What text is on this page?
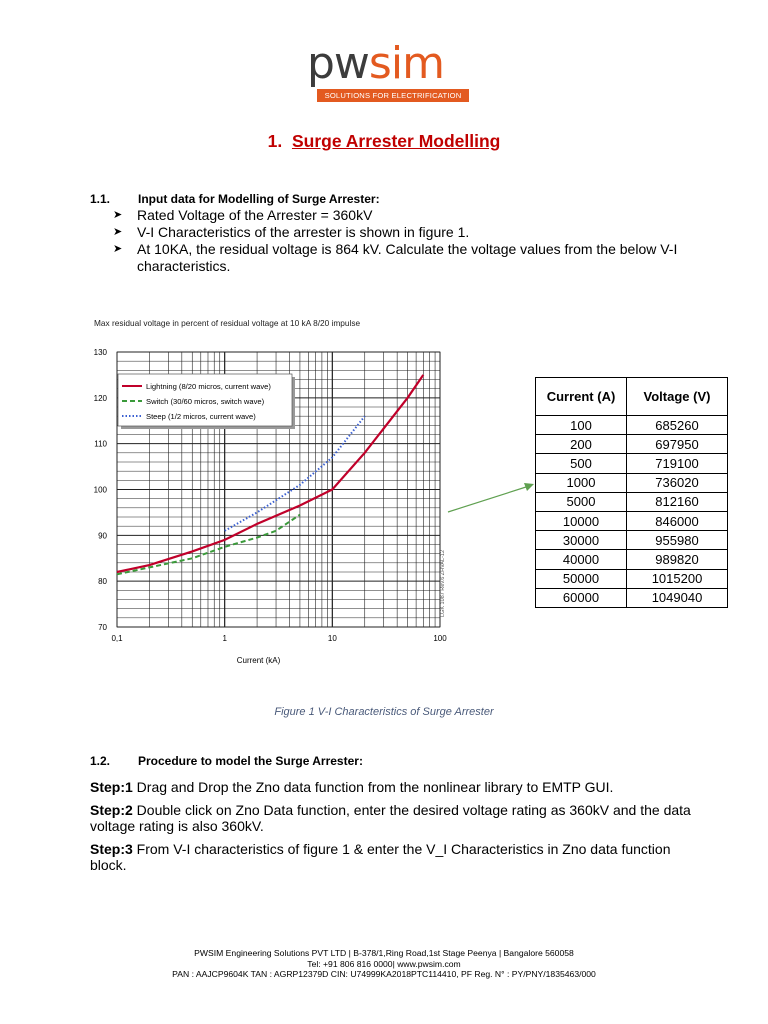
pwsim
SOLUTIONS FOR ELECTRIFICATION
1. Surge Arrester Modelling
1.1. Input data for Modelling of Surge Arrester:
➤ Rated Voltage of the Arrester = 360kV
➤ V-I Characteristics of the arrester is shown in figure 1.
➤ At 10KA, the residual voltage is 864 kV. Calculate the voltage values from the below V-I characteristics.
Max residual voltage in percent of residual voltage at 10 kA 8/20 impulse
70
80
90
100
110
120
130
0,1	1	10	100
Current (kA)
LGK 1087 Rev.6 ZHVAL-12
Lightning (8/20 micros, current wave)
Switch (30/60 micros, switch wave)
Steep (1/2 micros, current wave)
Figure 1 V-I Characteristics of Surge Arrester
Current (A)	Voltage (V)
100	685260
200	697950
500	719100
1000	736020
5000	812160
10000	846000
30000	955980
40000	989820
50000	1015200
60000	1049040
1.2. Procedure to model the Surge Arrester:
Step:1 Drag and Drop the Zno data function from the nonlinear library to EMTP GUI.
Step:2 Double click on Zno Data function, enter the desired voltage rating as 360kV and the data voltage rating is also 360kV.
Step:3 From V-I characteristics of figure 1 & enter the V_I Characteristics in Zno data function block.
PWSIM Engineering Solutions PVT LTD | B-378/1,Ring Road,1st Stage Peenya | Bangalore 560058
Tel: +91 806 816 0000| www.pwsim.com
PAN : AAJCP9604K TAN : AGRP12379D CIN: U74999KA2018PTC114410, PF Reg. N° : PY/PNY/1835463/000
